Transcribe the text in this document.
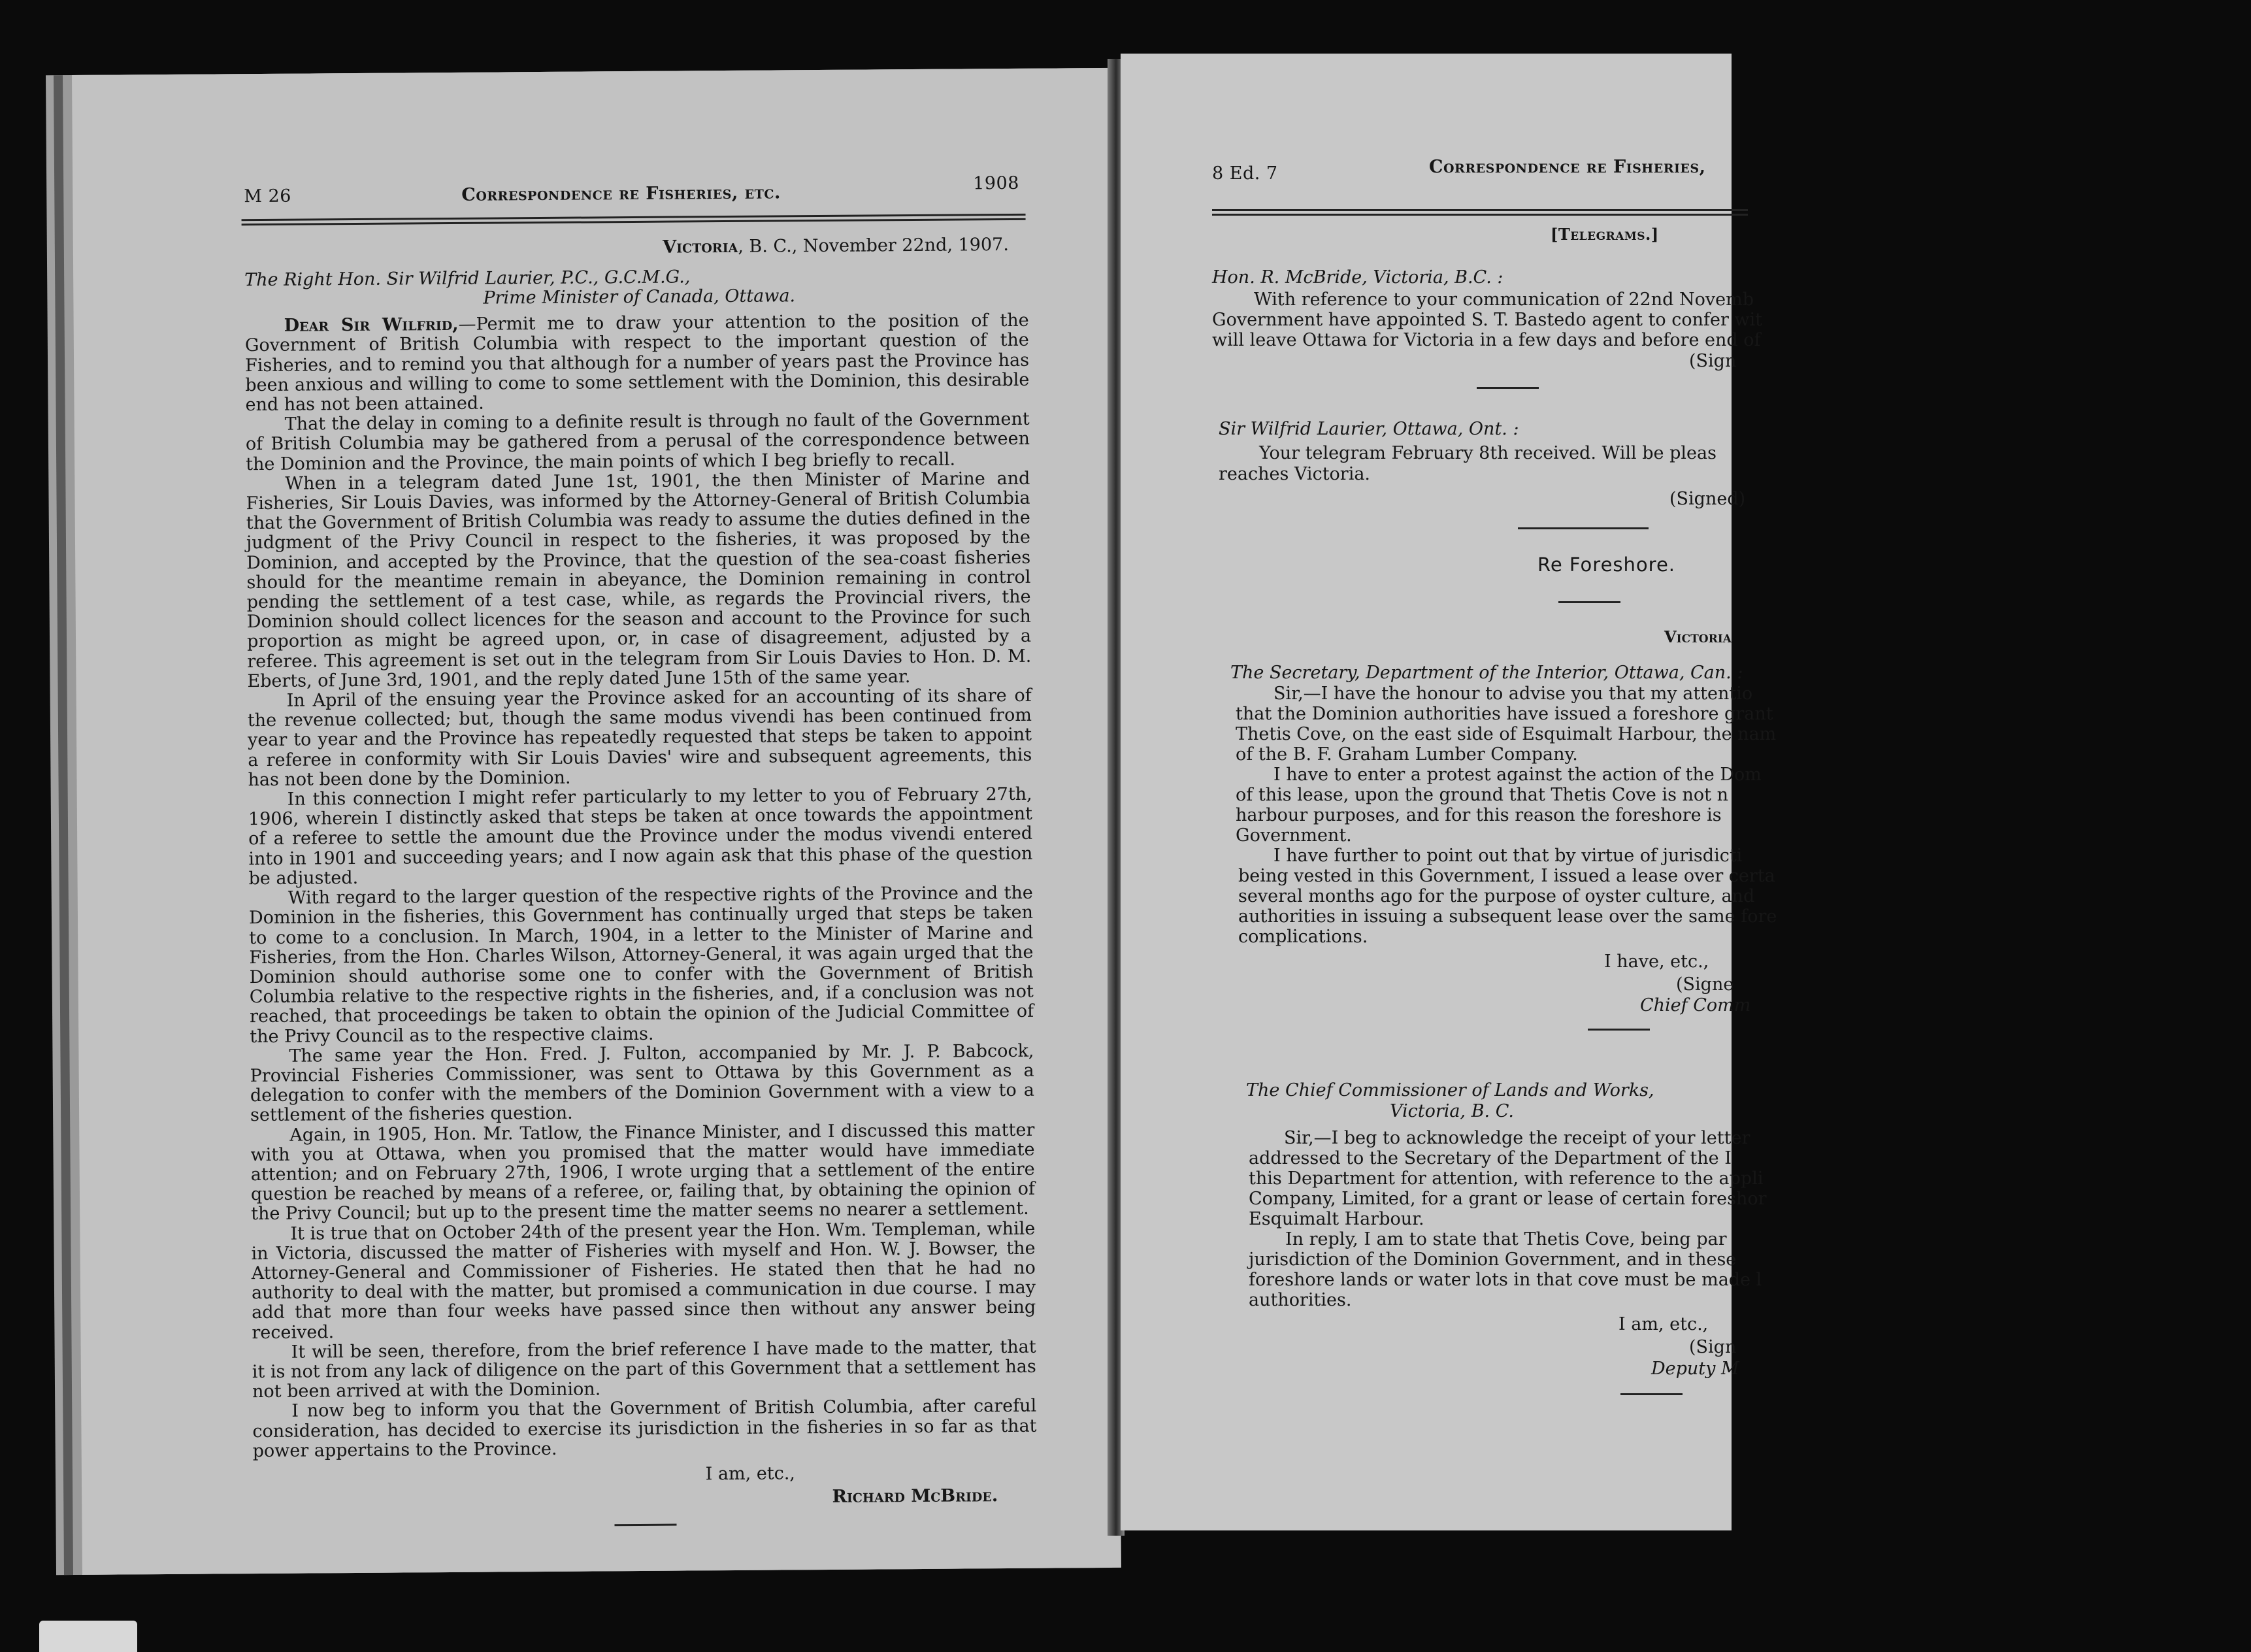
M 26	Correspondence re Fisheries, etc.	1908
Victoria, B. C., November 22nd, 1907.
The Right Hon. Sir Wilfrid Laurier, P.C., G.C.M.G.,
Prime Minister of Canada, Ottawa.

Dear Sir Wilfrid,—Permit me to draw your attention to the position of the Government of British Columbia with respect to the important question of the Fisheries, and to remind you that although for a number of years past the Province has been anxious and willing to come to some settlement with the Dominion, this desirable end has not been attained.

That the delay in coming to a definite result is through no fault of the Government of British Columbia may be gathered from a perusal of the correspondence between the Dominion and the Province, the main points of which I beg briefly to recall.

When in a telegram dated June 1st, 1901, the then Minister of Marine and Fisheries, Sir Louis Davies, was informed by the Attorney-General of British Columbia that the Government of British Columbia was ready to assume the duties defined in the judgment of the Privy Council in respect to the fisheries, it was proposed by the Dominion, and accepted by the Province, that the question of the sea-coast fisheries should for the meantime remain in abeyance, the Dominion remaining in control pending the settlement of a test case, while, as regards the Provincial rivers, the Dominion should collect licences for the season and account to the Province for such proportion as might be agreed upon, or, in case of disagreement, adjusted by a referee. This agreement is set out in the telegram from Sir Louis Davies to Hon. D. M. Eberts, of June 3rd, 1901, and the reply dated June 15th of the same year.

In April of the ensuing year the Province asked for an accounting of its share of the revenue collected; but, though the same modus vivendi has been continued from year to year and the Province has repeatedly requested that steps be taken to appoint a referee in conformity with Sir Louis Davies' wire and subsequent agreements, this has not been done by the Dominion.

In this connection I might refer particularly to my letter to you of February 27th, 1906, wherein I distinctly asked that steps be taken at once towards the appointment of a referee to settle the amount due the Province under the modus vivendi entered into in 1901 and succeeding years; and I now again ask that this phase of the question be adjusted.

With regard to the larger question of the respective rights of the Province and the Dominion in the fisheries, this Government has continually urged that steps be taken to come to a conclusion. In March, 1904, in a letter to the Minister of Marine and Fisheries, from the Hon. Charles Wilson, Attorney-General, it was again urged that the Dominion should authorise some one to confer with the Government of British Columbia relative to the respective rights in the fisheries, and, if a conclusion was not reached, that proceedings be taken to obtain the opinion of the Judicial Committee of the Privy Council as to the respective claims.

The same year the Hon. Fred. J. Fulton, accompanied by Mr. J. P. Babcock, Provincial Fisheries Commissioner, was sent to Ottawa by this Government as a delegation to confer with the members of the Dominion Government with a view to a settlement of the fisheries question.

Again, in 1905, Hon. Mr. Tatlow, the Finance Minister, and I discussed this matter with you at Ottawa, when you promised that the matter would have immediate attention; and on February 27th, 1906, I wrote urging that a settlement of the entire question be reached by means of a referee, or, failing that, by obtaining the opinion of the Privy Council; but up to the present time the matter seems no nearer a settlement.

It is true that on October 24th of the present year the Hon. Wm. Templeman, while in Victoria, discussed the matter of Fisheries with myself and Hon. W. J. Bowser, the Attorney-General and Commissioner of Fisheries. He stated then that he had no authority to deal with the matter, but promised a communication in due course. I may add that more than four weeks have passed since then without any answer being received.

It will be seen, therefore, from the brief reference I have made to the matter, that it is not from any lack of diligence on the part of this Government that a settlement has not been arrived at with the Dominion.

I now beg to inform you that the Government of British Columbia, after careful consideration, has decided to exercise its jurisdiction in the fisheries in so far as that power appertains to the Province.

I am, etc.,
Richard McBride.
8 Ed. 7	Correspondence re Fisheries,
[Telegrams.]
Hon. R. McBride, Victoria, B.C. :
With reference to your communication of 22nd Novemb
Government have appointed S. T. Bastedo agent to confer wit
will leave Ottawa for Victoria in a few days and before end of
(Sign
Sir Wilfrid Laurier, Ottawa, Ont. :
Your telegram February 8th received. Will be pleas
reaches Victoria.
(Signed)
Re Foreshore.
Victoria
The Secretary, Department of the Interior, Ottawa, Can. :
Sir,—I have the honour to advise you that my attentio
that the Dominion authorities have issued a foreshore grant
Thetis Cove, on the east side of Esquimalt Harbour, the nam
of the B. F. Graham Lumber Company.
I have to enter a protest against the action of the Dom
of this lease, upon the ground that Thetis Cove is not n
harbour purposes, and for this reason the foreshore is
Government.
I have further to point out that by virtue of jurisdicti
being vested in this Government, I issued a lease over certa
several months ago for the purpose of oyster culture, and
authorities in issuing a subsequent lease over the same fore
complications.
I have, etc.,
(Signe
Chief Comm
The Chief Commissioner of Lands and Works,
Victoria, B. C.
Sir,—I beg to acknowledge the receipt of your letter
addressed to the Secretary of the Department of the I
this Department for attention, with reference to the appli
Company, Limited, for a grant or lease of certain foreshor
Esquimalt Harbour.
In reply, I am to state that Thetis Cove, being par
jurisdiction of the Dominion Government, and in these
foreshore lands or water lots in that cove must be made l
authorities.
I am, etc.,
(Sign
Deputy M
